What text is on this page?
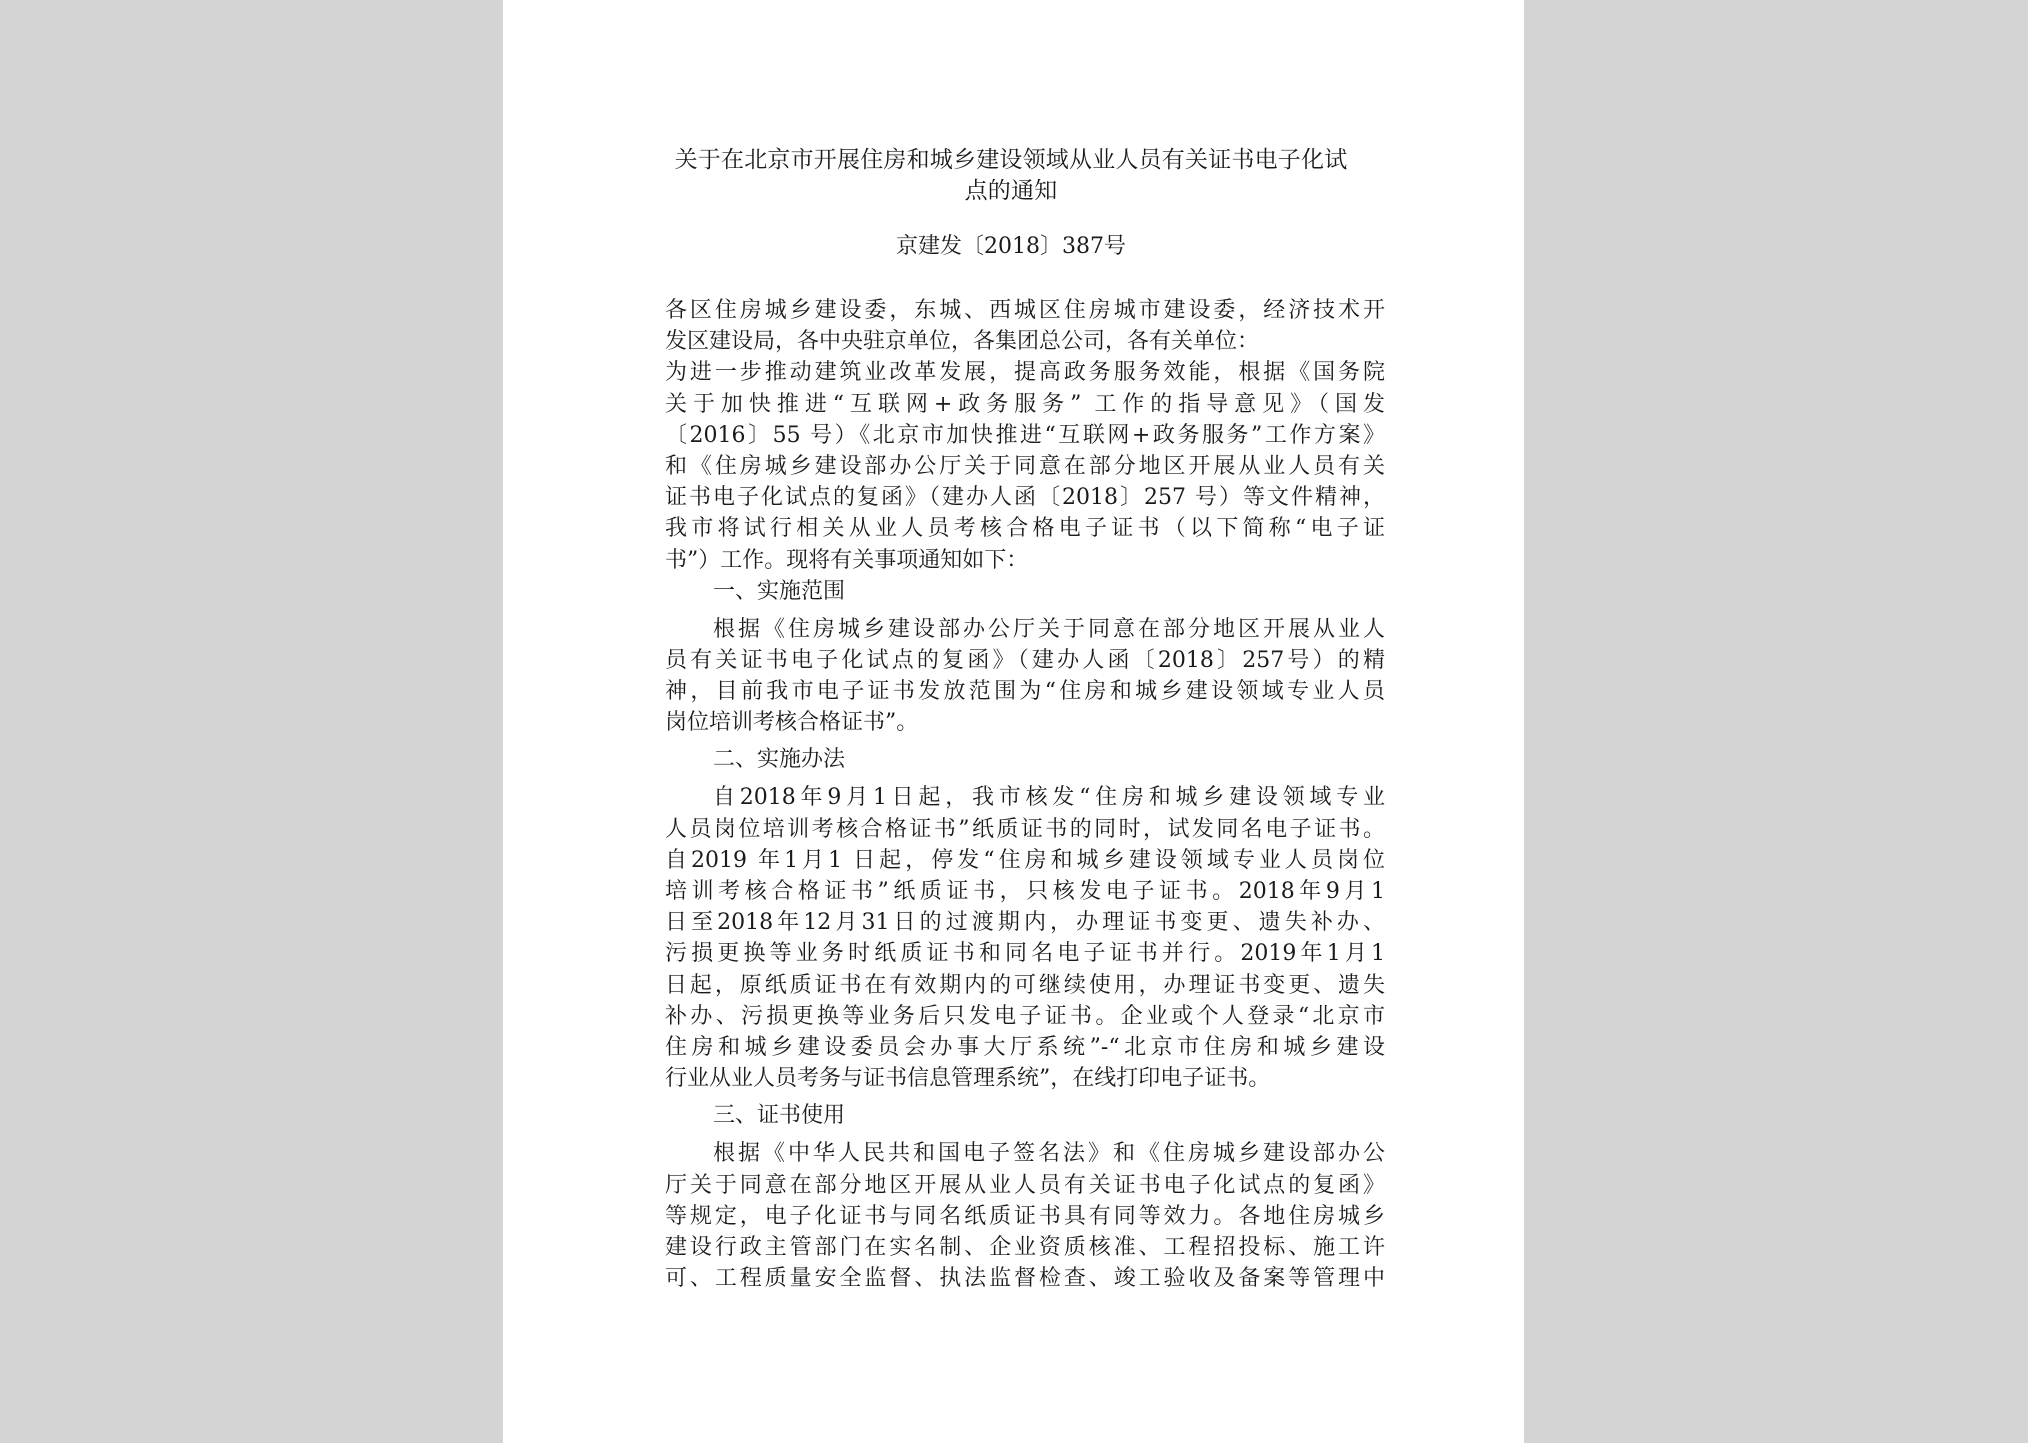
关于在北京市开展住房和城乡建设领域从业人员有关证书电子化试
点的通知
京建发〔2018〕387号
各区住房城乡建设委，东城、西城区住房城市建设委，经济技术开
发区建设局，各中央驻京单位，各集团总公司，各有关单位：
为进一步推动建筑业改革发展，提高政务服务效能，根据《国务院
关于加快推进“互联网+政务服务” 工作的指导意见》（国发
〔2016〕55 号）《北京市加快推进“互联网+政务服务”工作方案》
和《住房城乡建设部办公厅关于同意在部分地区开展从业人员有关
证书电子化试点的复函》（建办人函〔2018〕257 号）等文件精神，
我市将试行相关从业人员考核合格电子证书（以下简称“电子证
书”）工作。现将有关事项通知如下：
一、实施范围
根据《住房城乡建设部办公厅关于同意在部分地区开展从业人
员有关证书电子化试点的复函》（建办人函〔2018〕257号）的精
神，目前我市电子证书发放范围为“住房和城乡建设领域专业人员
岗位培训考核合格证书”。
二、实施办法
自2018年9月1日起，我市核发“住房和城乡建设领域专业
人员岗位培训考核合格证书”纸质证书的同时，试发同名电子证书。
自2019 年1月1 日起，停发“住房和城乡建设领域专业人员岗位
培训考核合格证书”纸质证书，只核发电子证书。2018年9月1
日至2018年12月31日的过渡期内，办理证书变更、遗失补办、
污损更换等业务时纸质证书和同名电子证书并行。2019年1月1
日起，原纸质证书在有效期内的可继续使用，办理证书变更、遗失
补办、污损更换等业务后只发电子证书。企业或个人登录“北京市
住房和城乡建设委员会办事大厅系统”-“北京市住房和城乡建设
行业从业人员考务与证书信息管理系统”，在线打印电子证书。
三、证书使用
根据《中华人民共和国电子签名法》和《住房城乡建设部办公
厅关于同意在部分地区开展从业人员有关证书电子化试点的复函》
等规定，电子化证书与同名纸质证书具有同等效力。各地住房城乡
建设行政主管部门在实名制、企业资质核准、工程招投标、施工许
可、工程质量安全监督、执法监督检查、竣工验收及备案等管理中
